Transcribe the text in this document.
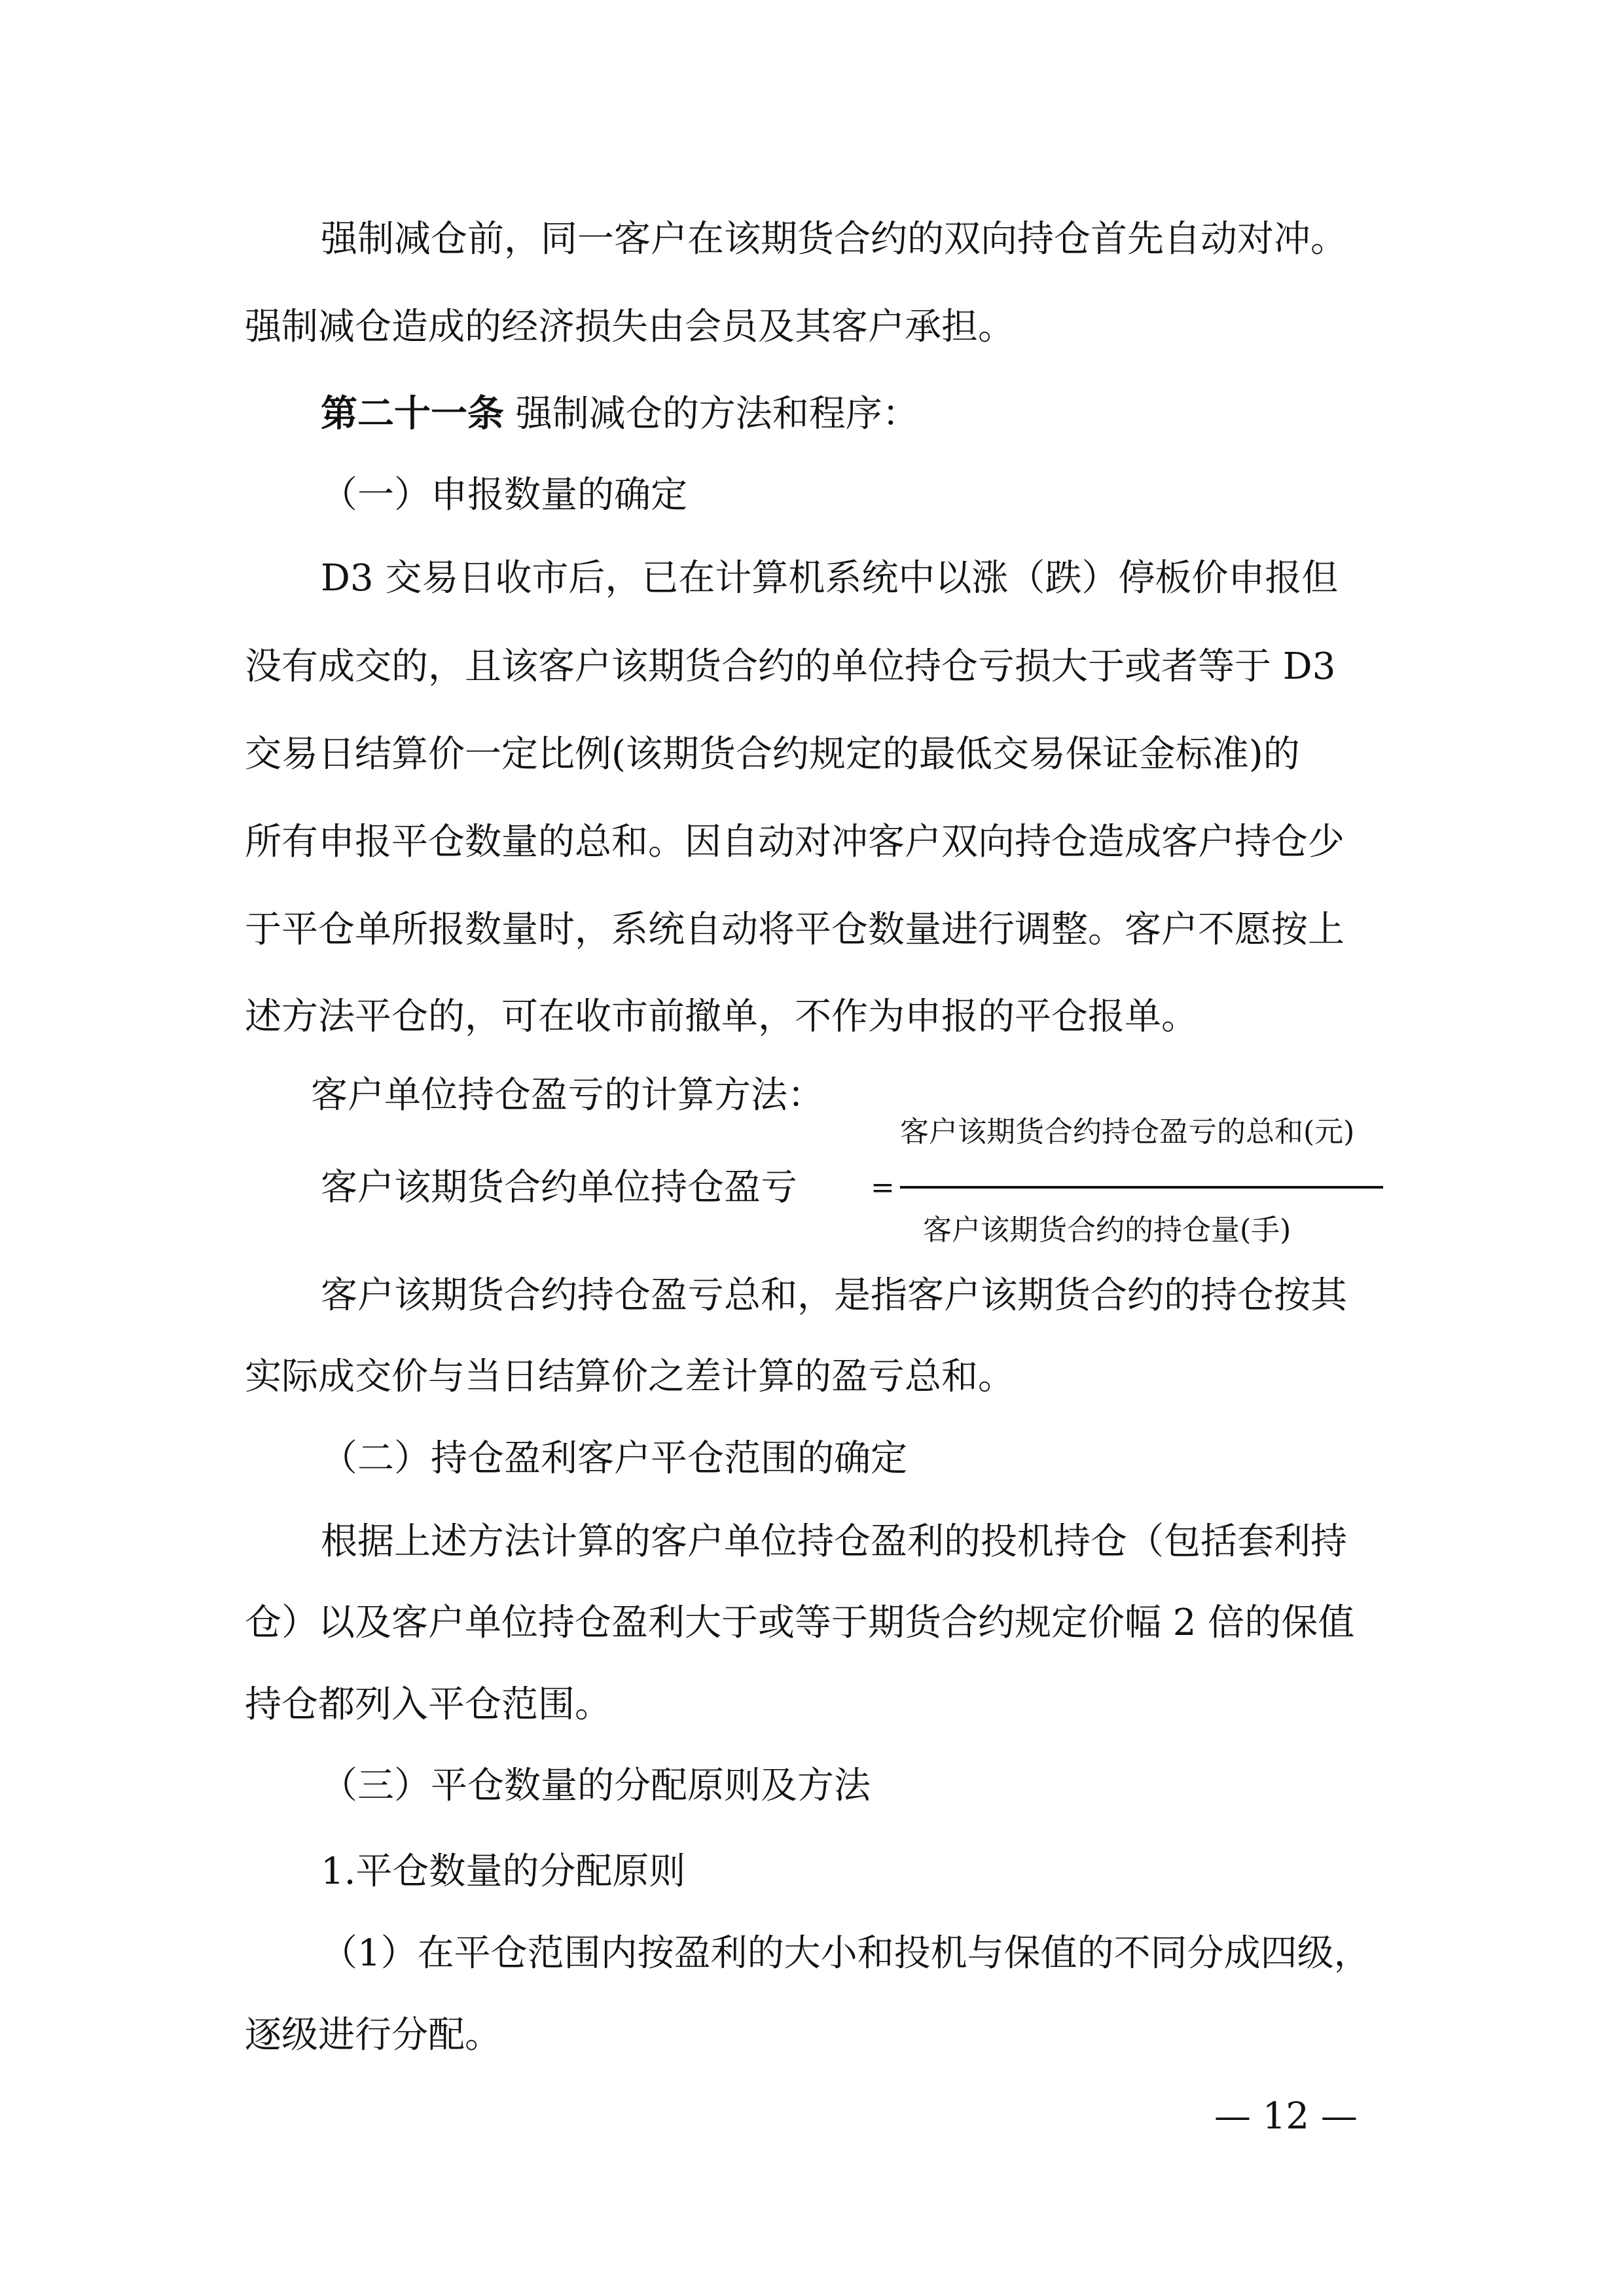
强制减仓前，同一客户在该期货合约的双向持仓首先自动对冲。
强制减仓造成的经济损失由会员及其客户承担。
第二十一条 强制减仓的方法和程序：
（一）申报数量的确定
D3 交易日收市后，已在计算机系统中以涨（跌）停板价申报但
没有成交的，且该客户该期货合约的单位持仓亏损大于或者等于 D3
交易日结算价一定比例(该期货合约规定的最低交易保证金标准)的
所有申报平仓数量的总和。因自动对冲客户双向持仓造成客户持仓少
于平仓单所报数量时，系统自动将平仓数量进行调整。客户不愿按上
述方法平仓的，可在收市前撤单，不作为申报的平仓报单。
客户单位持仓盈亏的计算方法：
客户该期货合约持仓盈亏的总和(元)
客户该期货合约单位持仓盈亏	=
客户该期货合约的持仓量(手)
客户该期货合约持仓盈亏总和，是指客户该期货合约的持仓按其
实际成交价与当日结算价之差计算的盈亏总和。
（二）持仓盈利客户平仓范围的确定
根据上述方法计算的客户单位持仓盈利的投机持仓（包括套利持
仓）以及客户单位持仓盈利大于或等于期货合约规定价幅 2 倍的保值
持仓都列入平仓范围。
（三）平仓数量的分配原则及方法
1.平仓数量的分配原则
（1）在平仓范围内按盈利的大小和投机与保值的不同分成四级，
逐级进行分配。
— 12 —
